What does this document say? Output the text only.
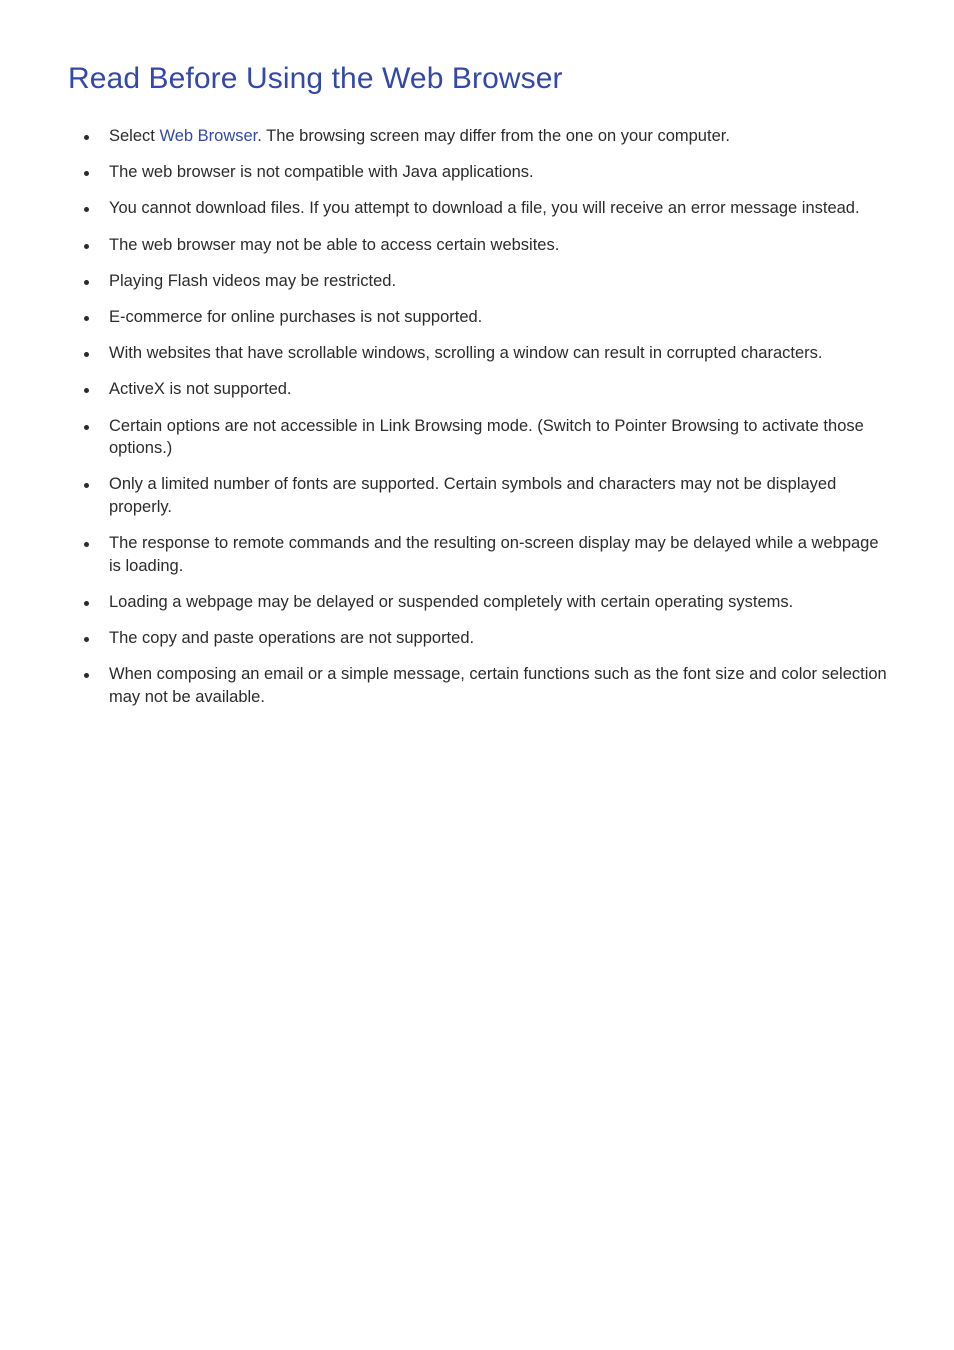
Read Before Using the Web Browser
Select Web Browser. The browsing screen may differ from the one on your computer.
The web browser is not compatible with Java applications.
You cannot download files. If you attempt to download a file, you will receive an error message instead.
The web browser may not be able to access certain websites.
Playing Flash videos may be restricted.
E-commerce for online purchases is not supported.
With websites that have scrollable windows, scrolling a window can result in corrupted characters.
ActiveX is not supported.
Certain options are not accessible in Link Browsing mode. (Switch to Pointer Browsing to activate those options.)
Only a limited number of fonts are supported. Certain symbols and characters may not be displayed properly.
The response to remote commands and the resulting on-screen display may be delayed while a webpage is loading.
Loading a webpage may be delayed or suspended completely with certain operating systems.
The copy and paste operations are not supported.
When composing an email or a simple message, certain functions such as the font size and color selection may not be available.
